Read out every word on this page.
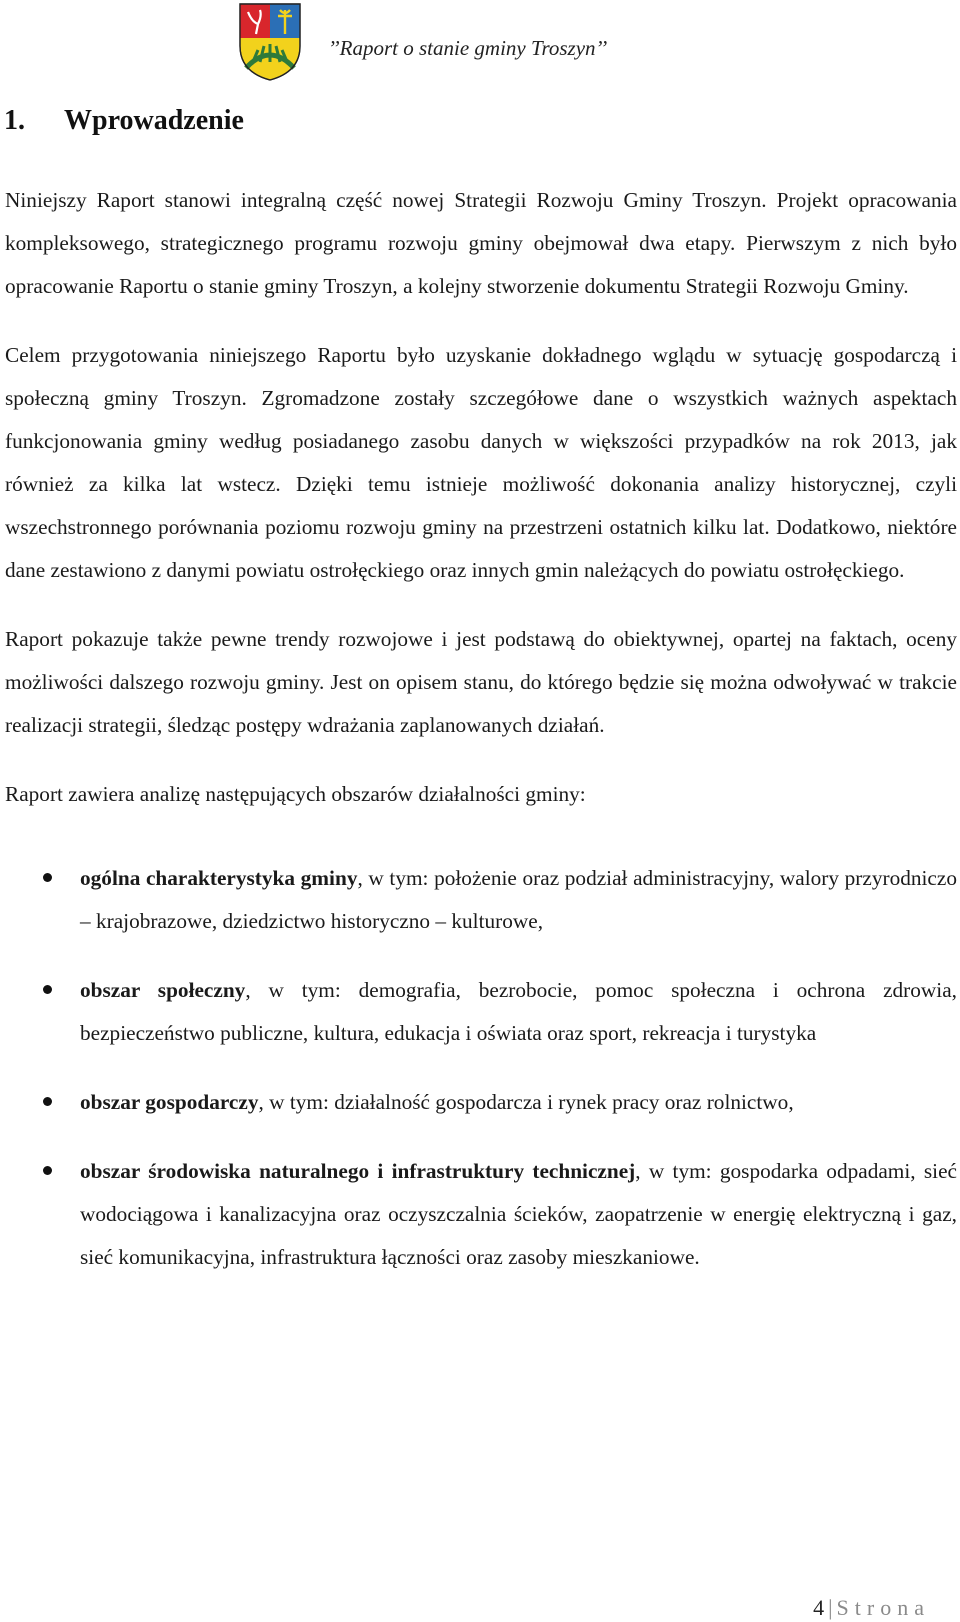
’’Raport o stanie gminy Troszyn’’
1. Wprowadzenie

Niniejszy Raport stanowi integralną część nowej Strategii Rozwoju Gminy Troszyn. Projekt opracowania kompleksowego, strategicznego programu rozwoju gminy obejmował dwa etapy. Pierwszym z nich było opracowanie Raportu o stanie gminy Troszyn, a kolejny stworzenie dokumentu Strategii Rozwoju Gminy.

Celem przygotowania niniejszego Raportu było uzyskanie dokładnego wglądu w sytuację gospodarczą i społeczną gminy Troszyn. Zgromadzone zostały szczegółowe dane o wszystkich ważnych aspektach funkcjonowania gminy według posiadanego zasobu danych w większości przypadków na rok 2013, jak również za kilka lat wstecz. Dzięki temu istnieje możliwość dokonania analizy historycznej, czyli wszechstronnego porównania poziomu rozwoju gminy na przestrzeni ostatnich kilku lat. Dodatkowo, niektóre dane zestawiono z danymi powiatu ostrołęckiego oraz innych gmin należących do powiatu ostrołęckiego.

Raport pokazuje także pewne trendy rozwojowe i jest podstawą do obiektywnej, opartej na faktach, oceny możliwości dalszego rozwoju gminy. Jest on opisem stanu, do którego będzie się można odwoływać w trakcie realizacji strategii, śledząc postępy wdrażania zaplanowanych działań.

Raport zawiera analizę następujących obszarów działalności gminy:

ogólna charakterystyka gminy, w tym: położenie oraz podział administracyjny, walory przyrodniczo – krajobrazowe, dziedzictwo historyczno – kulturowe,
obszar społeczny, w tym: demografia, bezrobocie, pomoc społeczna i ochrona zdrowia, bezpieczeństwo publiczne, kultura, edukacja i oświata oraz sport, rekreacja i turystyka
obszar gospodarczy, w tym: działalność gospodarcza i rynek pracy oraz rolnictwo,
obszar środowiska naturalnego i infrastruktury technicznej, w tym: gospodarka odpadami, sieć wodociągowa i kanalizacyjna oraz oczyszczalnia ścieków, zaopatrzenie w energię elektryczną i gaz, sieć komunikacyjna, infrastruktura łączności oraz zasoby mieszkaniowe.
4 | Strona
